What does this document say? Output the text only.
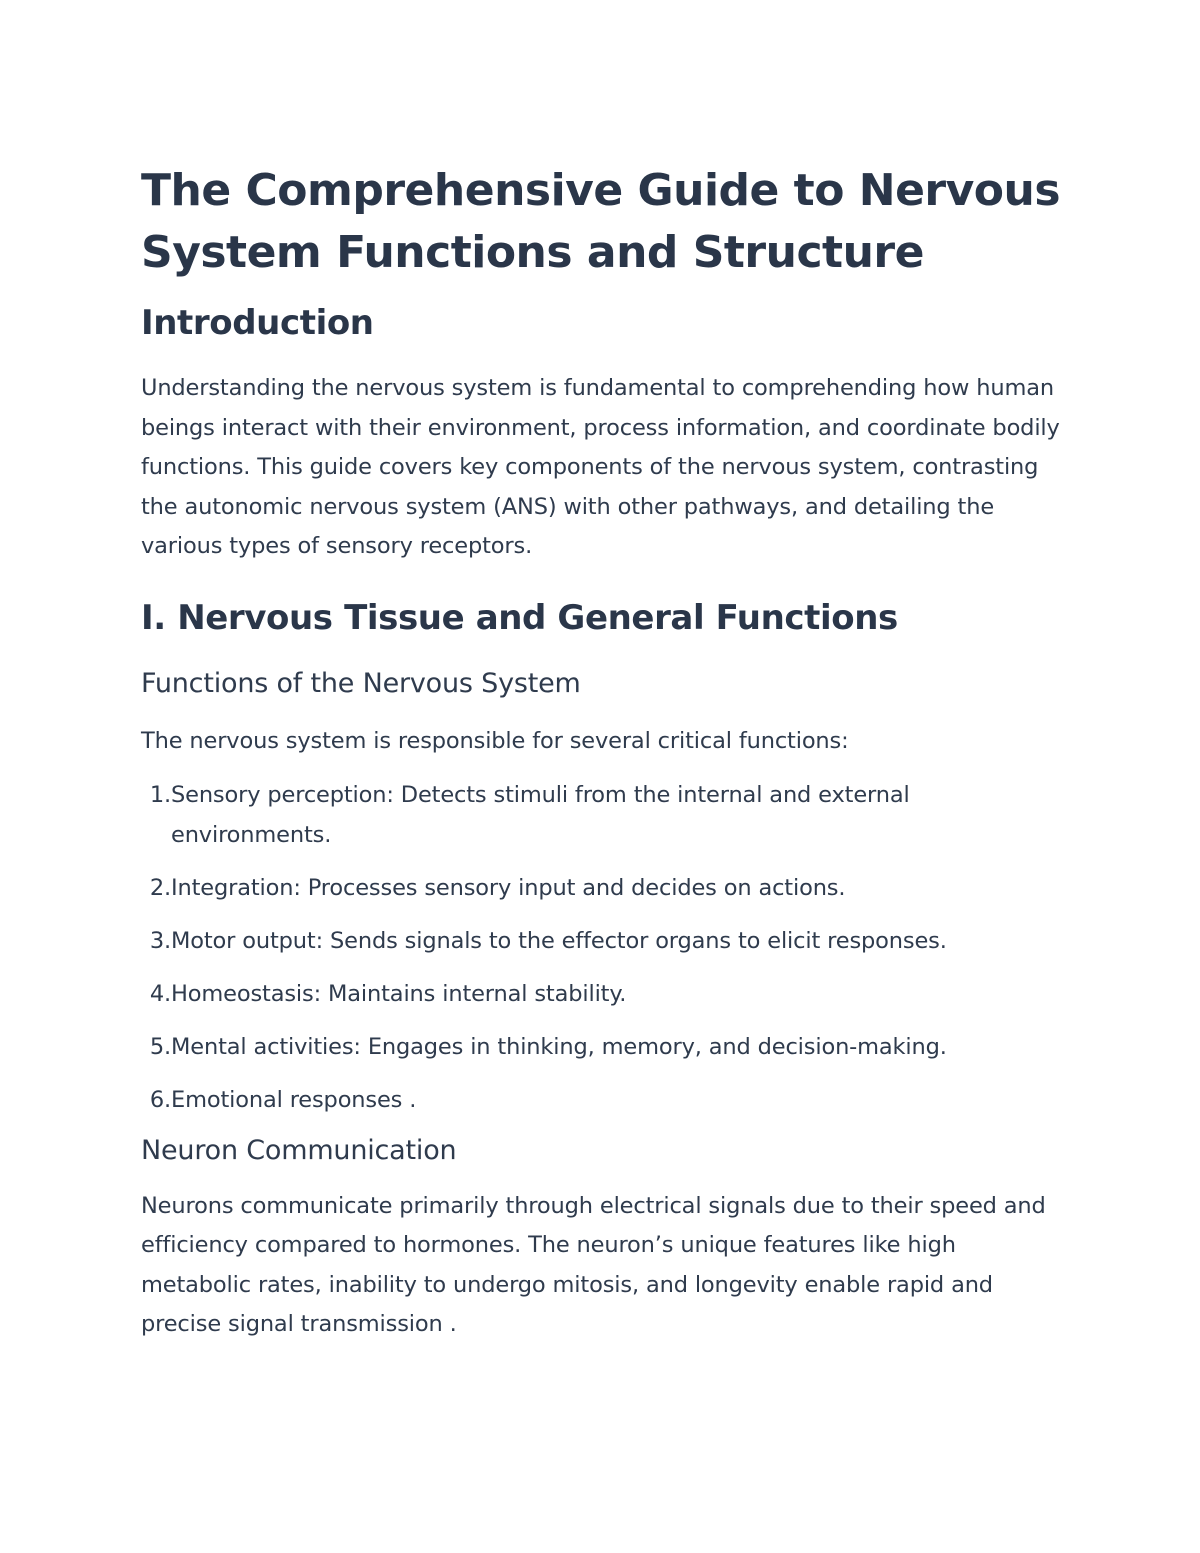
The Comprehensive Guide to Nervous System Functions and Structure
Introduction

Understanding the nervous system is fundamental to comprehending how human beings interact with their environment, process information, and coordinate bodily functions. This guide covers key components of the nervous system, contrasting the autonomic nervous system (ANS) with other pathways, and detailing the various types of sensory receptors.

I. Nervous Tissue and General Functions
Functions of the Nervous System

The nervous system is responsible for several critical functions:

1. Sensory perception: Detects stimuli from the internal and external environments.
2. Integration: Processes sensory input and decides on actions.
3. Motor output: Sends signals to the effector organs to elicit responses.
4. Homeostasis: Maintains internal stability.
5. Mental activities: Engages in thinking, memory, and decision-making.
6. Emotional responses .
Neuron Communication

Neurons communicate primarily through electrical signals due to their speed and efficiency compared to hormones. The neuron’s unique features like high metabolic rates, inability to undergo mitosis, and longevity enable rapid and precise signal transmission .
